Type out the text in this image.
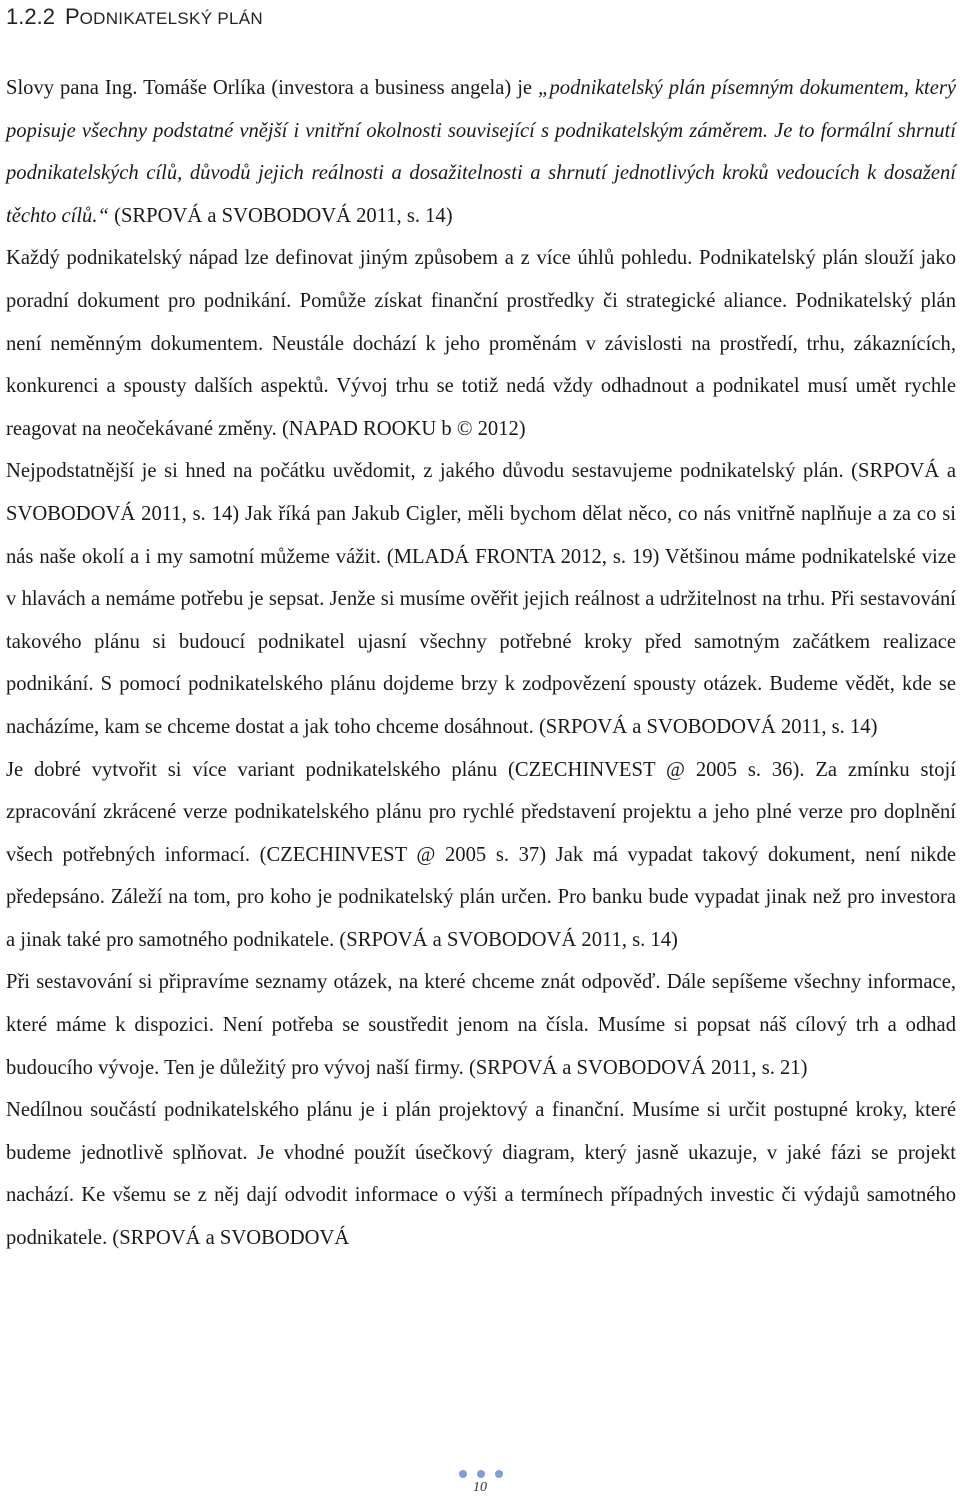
1.2.2 PODNIKATELSKÝ PLÁN

Slovy pana Ing. Tomáše Orlíka (investora a business angela) je „podnikatelský plán písemným dokumentem, který popisuje všechny podstatné vnější i vnitřní okolnosti související s podnikatelským záměrem. Je to formální shrnutí podnikatelských cílů, důvodů jejich reálnosti a dosažitelnosti a shrnutí jednotlivých kroků vedoucích k dosažení těchto cílů.“ (SRPOVÁ a SVOBODOVÁ 2011, s. 14)

Každý podnikatelský nápad lze definovat jiným způsobem a z více úhlů pohledu. Podnikatelský plán slouží jako poradní dokument pro podnikání. Pomůže získat finanční prostředky či strategické aliance. Podnikatelský plán není neměnným dokumentem. Neustále dochází k jeho proměnám v závislosti na prostředí, trhu, zákaznících, konkurenci a spousty dalších aspektů. Vývoj trhu se totiž nedá vždy odhadnout a podnikatel musí umět rychle reagovat na neočekávané změny. (NAPAD ROOKU b © 2012)

Nejpodstatnější je si hned na počátku uvědomit, z jakého důvodu sestavujeme podnikatelský plán. (SRPOVÁ a SVOBODOVÁ 2011, s. 14) Jak říká pan Jakub Cigler, měli bychom dělat něco, co nás vnitřně naplňuje a za co si nás naše okolí a i my samotní můžeme vážit. (MLADÁ FRONTA 2012, s. 19) Většinou máme podnikatelské vize v hlavách a nemáme potřebu je sepsat. Jenže si musíme ověřit jejich reálnost a udržitelnost na trhu. Při sestavování takového plánu si budoucí podnikatel ujasní všechny potřebné kroky před samotným začátkem realizace podnikání. S pomocí podnikatelského plánu dojdeme brzy k zodpovězení spousty otázek. Budeme vědět, kde se nacházíme, kam se chceme dostat a jak toho chceme dosáhnout. (SRPOVÁ a SVOBODOVÁ 2011, s. 14)

Je dobré vytvořit si více variant podnikatelského plánu (CZECHINVEST @ 2005 s. 36). Za zmínku stojí zpracování zkrácené verze podnikatelského plánu pro rychlé představení projektu a jeho plné verze pro doplnění všech potřebných informací. (CZECHINVEST @ 2005 s. 37) Jak má vypadat takový dokument, není nikde předepsáno. Záleží na tom, pro koho je podnikatelský plán určen. Pro banku bude vypadat jinak než pro investora a jinak také pro samotného podnikatele. (SRPOVÁ a SVOBODOVÁ 2011, s. 14)

Při sestavování si připravíme seznamy otázek, na které chceme znát odpověď. Dále sepíšeme všechny informace, které máme k dispozici. Není potřeba se soustředit jenom na čísla. Musíme si popsat náš cílový trh a odhad budoucího vývoje. Ten je důležitý pro vývoj naší firmy. (SRPOVÁ a SVOBODOVÁ 2011, s. 21)

Nedílnou součástí podnikatelského plánu je i plán projektový a finanční. Musíme si určit postupné kroky, které budeme jednotlivě splňovat. Je vhodné použít úsečkový diagram, který jasně ukazuje, v jaké fázi se projekt nachází. Ke všemu se z něj dají odvodit informace o výši a termínech případných investic či výdajů samotného podnikatele. (SRPOVÁ a SVOBODOVÁ

10
